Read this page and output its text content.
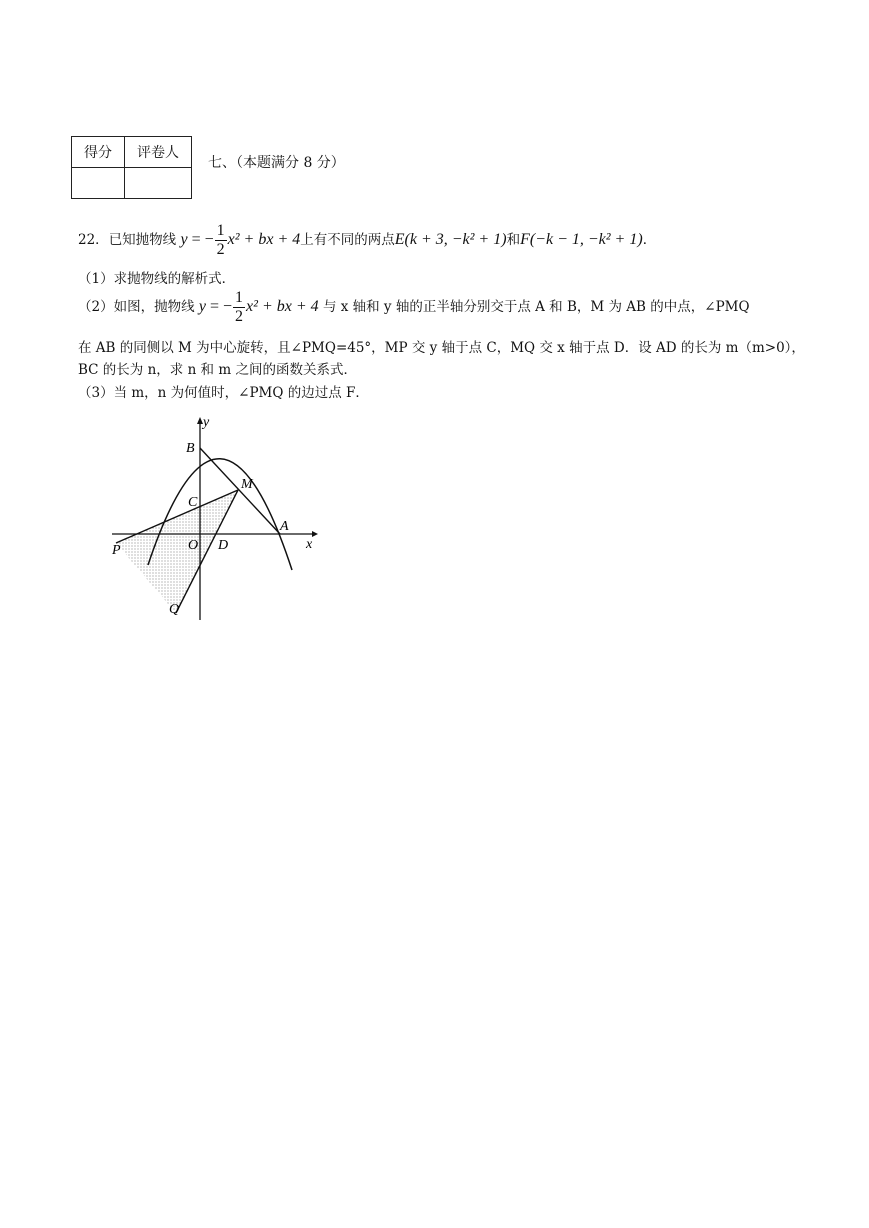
得分	评卷人

七、（本题满分 8 分）
22．已知抛物线 y = − $\frac{1}{2} x^2$ + bx + 4上有不同的两点E(k + 3, −k² + 1)和F(−k − 1, −k² + 1)．
（1）求抛物线的解析式．
（2）如图，抛物线 y = − $\frac{1}{2} x^2$ + bx + 4 与 x 轴和 y 轴的正半轴分别交于点 A 和 B，M 为 AB 的中点，∠PMQ
在 AB 的同侧以 M 为中心旋转，且∠PMQ=45°，MP 交 y 轴于点 C，MQ 交 x 轴于点 D．设 AD 的长为 m（m>0），
BC 的长为 n，求 n 和 m 之间的函数关系式．
（3）当 m，n 为何值时，∠PMQ 的边过点 F．
y
x
B
M
C
A
P	O D
Q
